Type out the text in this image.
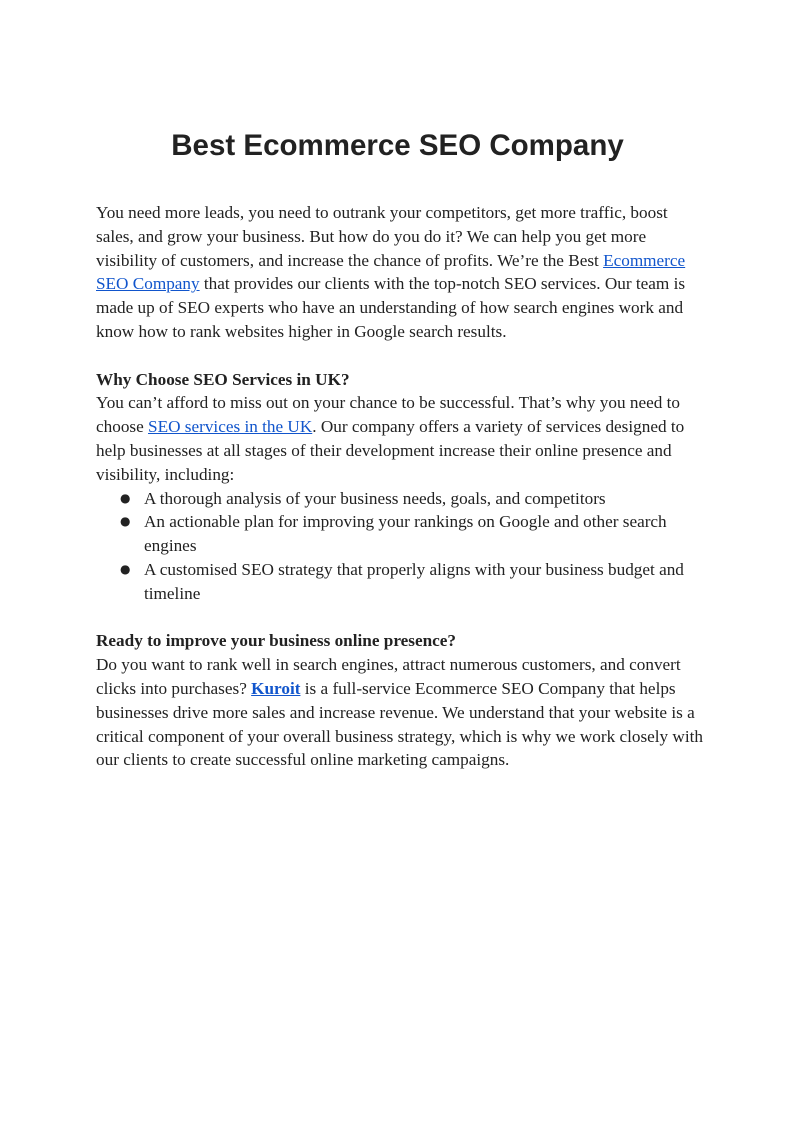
Best Ecommerce SEO Company

You need more leads, you need to outrank your competitors, get more traffic, boost sales, and grow your business. But how do you do it? We can help you get more visibility of customers, and increase the chance of profits. We’re the Best Ecommerce SEO Company that provides our clients with the top-notch SEO services. Our team is made up of SEO experts who have an understanding of how search engines work and know how to rank websites higher in Google search results.

Why Choose SEO Services in UK?

You can’t afford to miss out on your chance to be successful. That’s why you need to choose SEO services in the UK. Our company offers a variety of services designed to help businesses at all stages of their development increase their online presence and visibility, including:

● A thorough analysis of your business needs, goals, and competitors
● An actionable plan for improving your rankings on Google and other search engines
● A customised SEO strategy that properly aligns with your business budget and timeline

Ready to improve your business online presence?

Do you want to rank well in search engines, attract numerous customers, and convert clicks into purchases? Kuroit is a full-service Ecommerce SEO Company that helps businesses drive more sales and increase revenue. We understand that your website is a critical component of your overall business strategy, which is why we work closely with our clients to create successful online marketing campaigns.
